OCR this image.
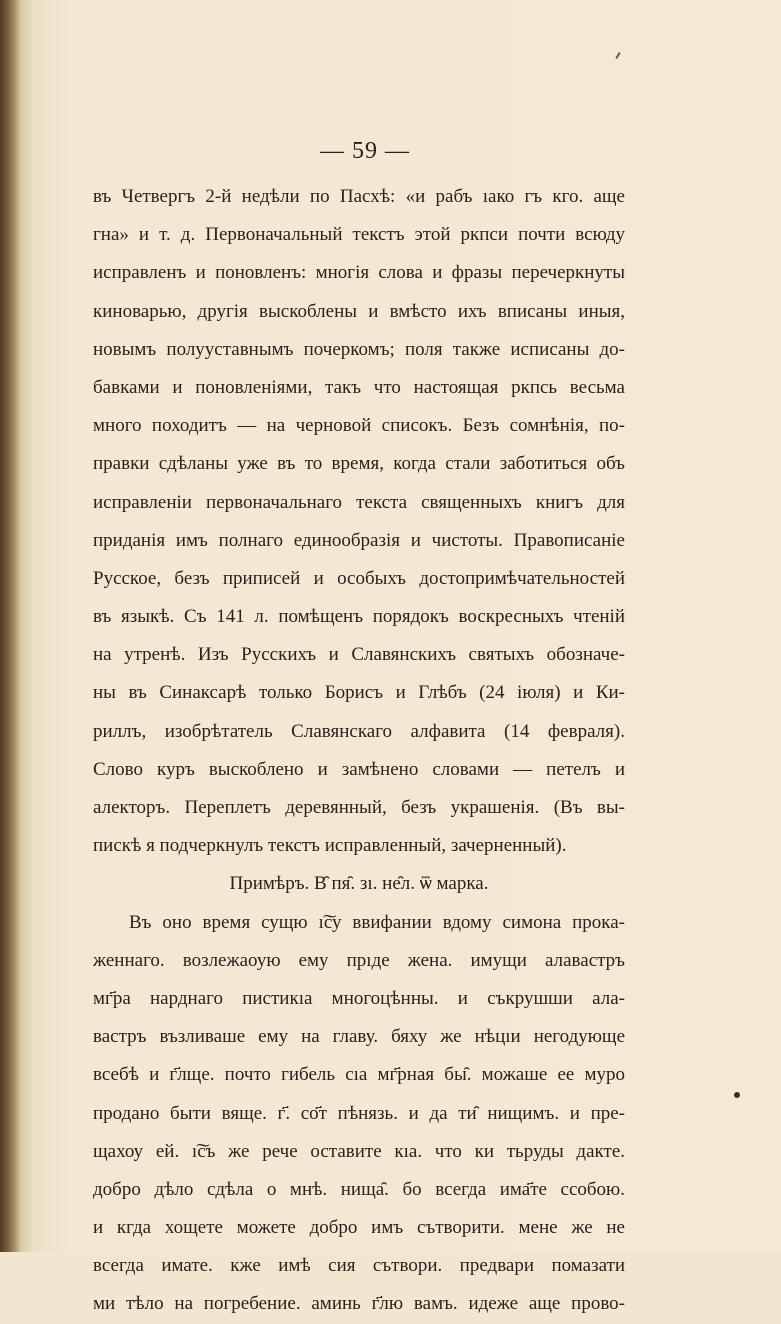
— 59 —
въ Четвергъ 2-й недѣли по Пасхѣ: «и рабъ ıако гъ кго. аще
гна» и т. д. Первоначальный текстъ этой ркпси почти всюду
исправленъ и поновленъ: многія слова и фразы перечеркнуты
киноварью, другія выскоблены и вмѣсто ихъ вписаны иныя,
новымъ полууставнымъ почеркомъ; поля также исписаны до-
бавками и поновленіями, такъ что настоящая ркпсь весьма
много походитъ — на черновой списокъ. Безъ сомнѣнія, по-
правки сдѣланы уже въ то время, когда стали заботиться объ
исправленіи первоначальнаго текста священныхъ книгъ для
приданія имъ полнаго единообразія и чистоты. Правописаніе
Русское, безъ приписей и особыхъ достопримѣчательностей
въ языкѣ. Съ 141 л. помѣщенъ порядокъ воскресныхъ чтеній
на утренѣ. Изъ Русскихъ и Славянскихъ святыхъ обозначе-
ны въ Синаксарѣ только Борисъ и Глѣбъ (24 іюля) и Ки-
риллъ, изобрѣтатель Славянскаго алфавита (14 февраля).
Слово куръ выскоблено и замѣнено словами — петелъ и
алекторъ. Переплетъ деревянный, безъ украшенія. (Въ вы-
пискѣ я подчеркнулъ текстъ исправленный, зачерненный).
Примѣръ. В̑ пя̑. зı. не̑л. ѿ марка.
Въ оно время сущю ı͠су ввифании вдому симона прока-
женнаго. возлежаоую ему прıде жена. имущи алавастръ
мг҃ра нарднаго пистикıа многоцѣнны. и съкрушши ала-
вастръ възливаше ему на главу. бяху же нѣцıи негодующе
всебѣ и г҃лще. почто гибель сıа мг҃рная бы̑. можаше ее муро
продано быти вяще. г҃. со҃т пѣнязь. и да ти̑ нищимъ. и пре-
щахоу ей. ı͠съ же рече оставите кıа. что ки тьруды дакте.
добро дѣло сдѣла о мнѣ. нища̑. бо всегда има҃те ссобою.
и кгда хощете можете добро имъ сътворити. мене же не
всегда имате. кже имѣ сия сътвори. предвари помазати
ми тѣло на погребение. аминь г҃лю вамъ. идеже аще прово-
